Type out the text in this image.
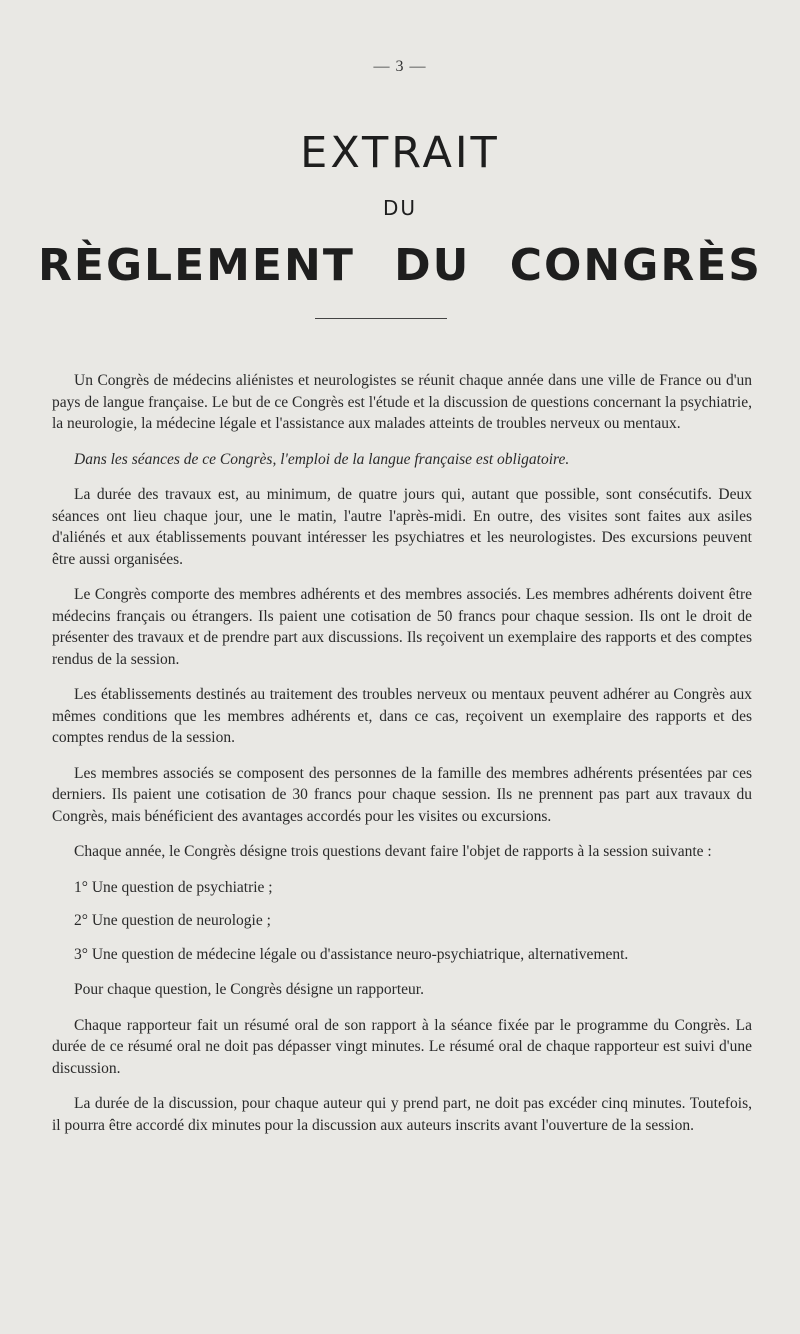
— 3 —
EXTRAIT
DU
RÈGLEMENT DU CONGRÈS

Un Congrès de médecins aliénistes et neurologistes se réunit chaque année dans une ville de France ou d'un pays de langue française. Le but de ce Congrès est l'étude et la discussion de questions concernant la psychiatrie, la neurologie, la médecine légale et l'assistance aux malades atteints de troubles nerveux ou mentaux.

Dans les séances de ce Congrès, l'emploi de la langue française est obligatoire.

La durée des travaux est, au minimum, de quatre jours qui, autant que possible, sont consécutifs. Deux séances ont lieu chaque jour, une le matin, l'autre l'après-midi. En outre, des visites sont faites aux asiles d'aliénés et aux établissements pouvant intéresser les psychiatres et les neurologistes. Des excursions peuvent être aussi organisées.

Le Congrès comporte des membres adhérents et des membres associés. Les membres adhérents doivent être médecins français ou étrangers. Ils paient une cotisation de 50 francs pour chaque session. Ils ont le droit de présenter des travaux et de prendre part aux discussions. Ils reçoivent un exemplaire des rapports et des comptes rendus de la session.

Les établissements destinés au traitement des troubles nerveux ou mentaux peuvent adhérer au Congrès aux mêmes conditions que les membres adhérents et, dans ce cas, reçoivent un exemplaire des rapports et des comptes rendus de la session.

Les membres associés se composent des personnes de la famille des membres adhérents présentées par ces derniers. Ils paient une cotisation de 30 francs pour chaque session. Ils ne prennent pas part aux travaux du Congrès, mais bénéficient des avantages accordés pour les visites ou excursions.

Chaque année, le Congrès désigne trois questions devant faire l'objet de rapports à la session suivante :

1° Une question de psychiatrie ;

2° Une question de neurologie ;

3° Une question de médecine légale ou d'assistance neuro-psychiatrique, alternativement.

Pour chaque question, le Congrès désigne un rapporteur.

Chaque rapporteur fait un résumé oral de son rapport à la séance fixée par le programme du Congrès. La durée de ce résumé oral ne doit pas dépasser vingt minutes. Le résumé oral de chaque rapporteur est suivi d'une discussion.

La durée de la discussion, pour chaque auteur qui y prend part, ne doit pas excéder cinq minutes. Toutefois, il pourra être accordé dix minutes pour la discussion aux auteurs inscrits avant l'ouverture de la session.
